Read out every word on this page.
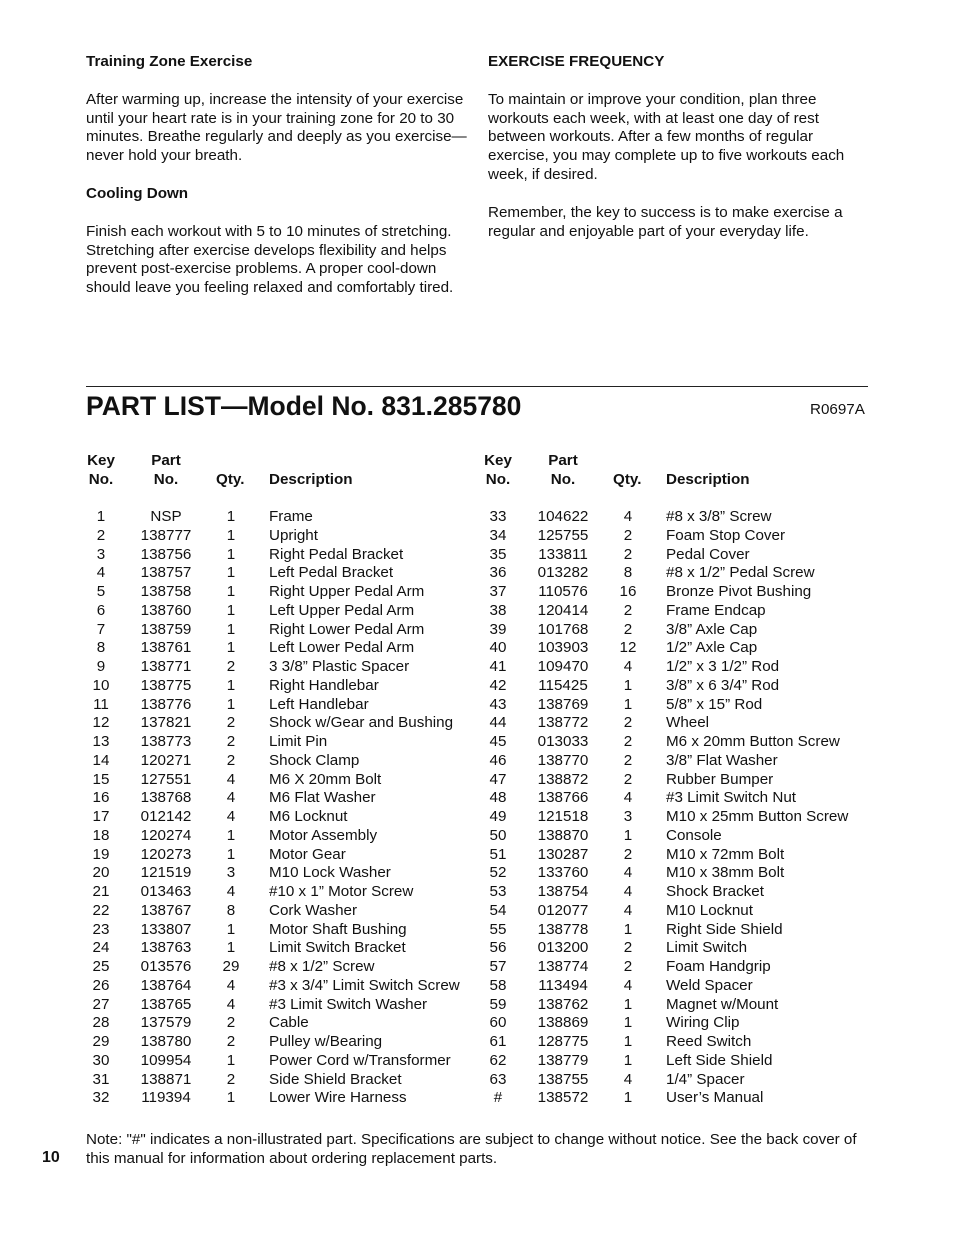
Training Zone Exercise
After warming up, increase the intensity of your exercise until your heart rate is in your training zone for 20 to 30 minutes. Breathe regularly and deeply as you exercise—never hold your breath.
Cooling Down
Finish each workout with 5 to 10 minutes of stretching. Stretching after exercise develops flexibility and helps prevent post-exercise problems. A proper cool-down should leave you feeling relaxed and comfortably tired.
EXERCISE FREQUENCY
To maintain or improve your condition, plan three workouts each week, with at least one day of rest between workouts. After a few months of regular exercise, you may complete up to five workouts each week, if desired.
Remember, the key to success is to make exercise a regular and enjoyable part of your everyday life.
PART LIST—Model No. 831.285780	R0697A
Key
No.
Part
No.	Qty. Description
1	NSP	1	Frame
2	138777	1	Upright
3	138756	1	Right Pedal Bracket
4	138757	1	Left Pedal Bracket
5	138758	1	Right Upper Pedal Arm
6	138760	1	Left Upper Pedal Arm
7	138759	1	Right Lower Pedal Arm
8	138761	1	Left Lower Pedal Arm
9	138771	2	3 3/8” Plastic Spacer
10	138775	1	Right Handlebar
11	138776	1	Left Handlebar
12	137821	2	Shock w/Gear and Bushing
13	138773	2	Limit Pin
14	120271	2	Shock Clamp
15	127551	4	M6 X 20mm Bolt
16	138768	4	M6 Flat Washer
17	012142	4	M6 Locknut
18	120274	1	Motor Assembly
19	120273	1	Motor Gear
20	121519	3	M10 Lock Washer
21	013463	4	#10 x 1” Motor Screw
22	138767	8	Cork Washer
23	133807	1	Motor Shaft Bushing
24	138763	1	Limit Switch Bracket
25	013576	29	#8 x 1/2” Screw
26	138764	4	#3 x 3/4” Limit Switch Screw
27	138765	4	#3 Limit Switch Washer
28	137579	2	Cable
29	138780	2	Pulley w/Bearing
30	109954	1	Power Cord w/Transformer
31	138871	2	Side Shield Bracket
32	119394	1	Lower Wire Harness
Key
No.
Part
No.	Qty. Description
33	104622	4	#8 x 3/8” Screw
34	125755	2	Foam Stop Cover
35	133811	2	Pedal Cover
36	013282	8	#8 x 1/2” Pedal Screw
37	110576	16	Bronze Pivot Bushing
38	120414	2	Frame Endcap
39	101768	2	3/8” Axle Cap
40	103903	12	1/2” Axle Cap
41	109470	4	1/2” x 3 1/2” Rod
42	115425	1	3/8” x 6 3/4” Rod
43	138769	1	5/8” x 15” Rod
44	138772	2	Wheel
45	013033	2	M6 x 20mm Button Screw
46	138770	2	3/8” Flat Washer
47	138872	2	Rubber Bumper
48	138766	4	#3 Limit Switch Nut
49	121518	3	M10 x 25mm Button Screw
50	138870	1	Console
51	130287	2	M10 x 72mm Bolt
52	133760	4	M10 x 38mm Bolt
53	138754	4	Shock Bracket
54	012077	4	M10 Locknut
55	138778	1	Right Side Shield
56	013200	2	Limit Switch
57	138774	2	Foam Handgrip
58	113494	4	Weld Spacer
59	138762	1	Magnet w/Mount
60	138869	1	Wiring Clip
61	128775	1	Reed Switch
62	138779	1	Left Side Shield
63	138755	4	1/4” Spacer
#	138572	1	User’s Manual
Note: "#" indicates a non-illustrated part. Specifications are subject to change without notice. See the back cover of this manual for information about ordering replacement parts.
10
